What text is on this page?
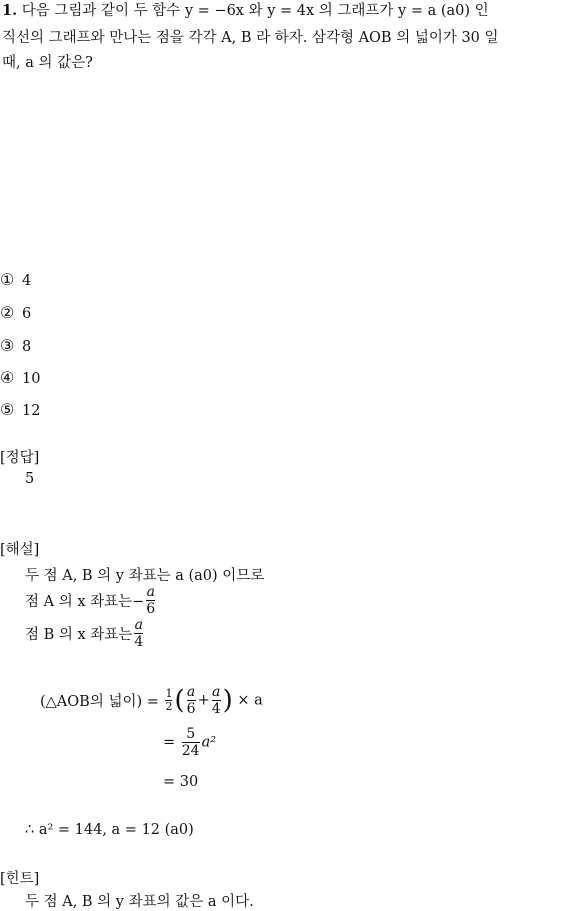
1. 다음 그림과 같이 두 함수 y = −6x 와 y = 4x 의 그래프가 y = a (a0) 인
직선의 그래프와 만나는 점을 각각 A, B 라 하자. 삼각형 AOB 의 넓이가 30 일
때, a 의 값은?
① 4
② 6
③ 8
④ 10
⑤ 12
[정답]
5
[해설]
두 점 A, B 의 y 좌표는 a (a0) 이므로
점 A 의 x 좌표는− $\frac{a}{6}$
점 B 의 x 좌표는 $\frac{a}{4}$
(△AOB의 넓이) = $\frac{1}{2}$ ( $\frac{a}{6} + \frac{a}{4}$ ) × a
= $\frac{5}{24} a^2$
= 30
∴ a² = 144, a = 12 (a0)
[힌트]
두 점 A, B 의 y 좌표의 값은 a 이다.
